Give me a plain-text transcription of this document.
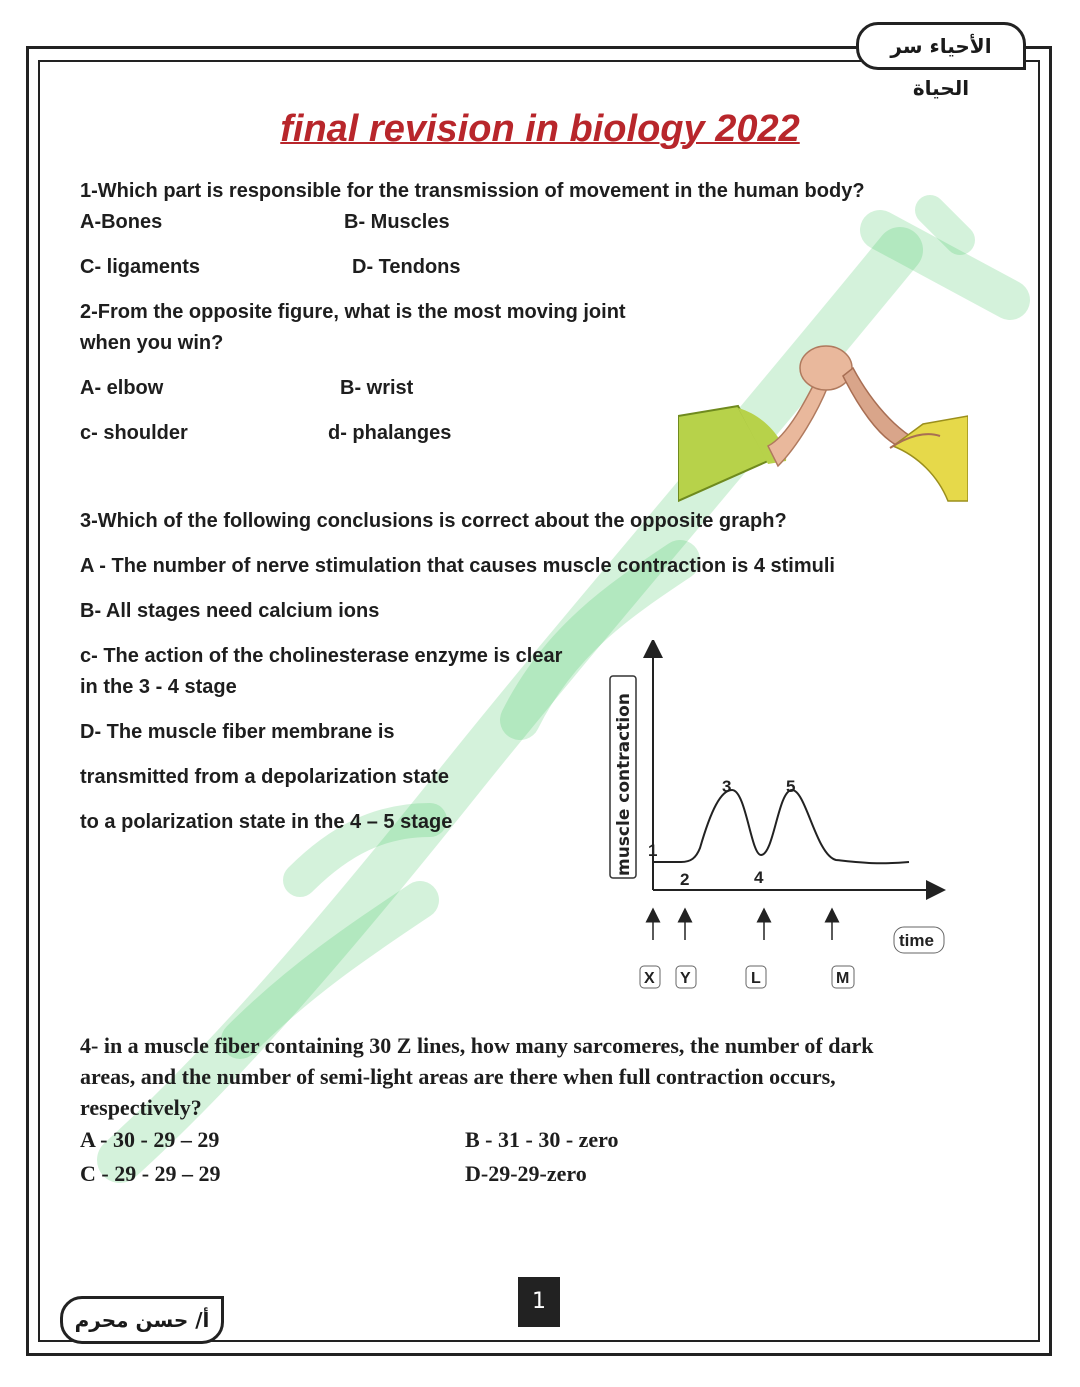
الأحياء سر الحياة
أ/ حسن محرم
final revision in biology 2022
1-Which part is responsible for the transmission of movement in the human body?
A-Bones	B- Muscles
C- ligaments	D- Tendons
2-From the opposite figure, what is the most moving joint
when you win?
A- elbow	B- wrist
c- shoulder	d- phalanges
3-Which of the following conclusions is correct about the opposite graph?
A - The number of nerve stimulation that causes muscle contraction is 4 stimuli
B- All stages need calcium ions
c- The action of the cholinesterase enzyme is clear
in the 3 - 4 stage
D- The muscle fiber membrane is
transmitted from a depolarization state
to a polarization state in the 4 – 5 stage	muscle contraction 1
2
3
4
5
X Y	L	M
time
4- in a muscle fiber containing 30 Z lines, how many sarcomeres, the number of dark
areas, and the number of semi-light areas are there when full contraction occurs,
respectively?
A - 30 - 29 – 29	B - 31 - 30 - zero
C - 29 - 29 – 29	D-29-29-zero
1
